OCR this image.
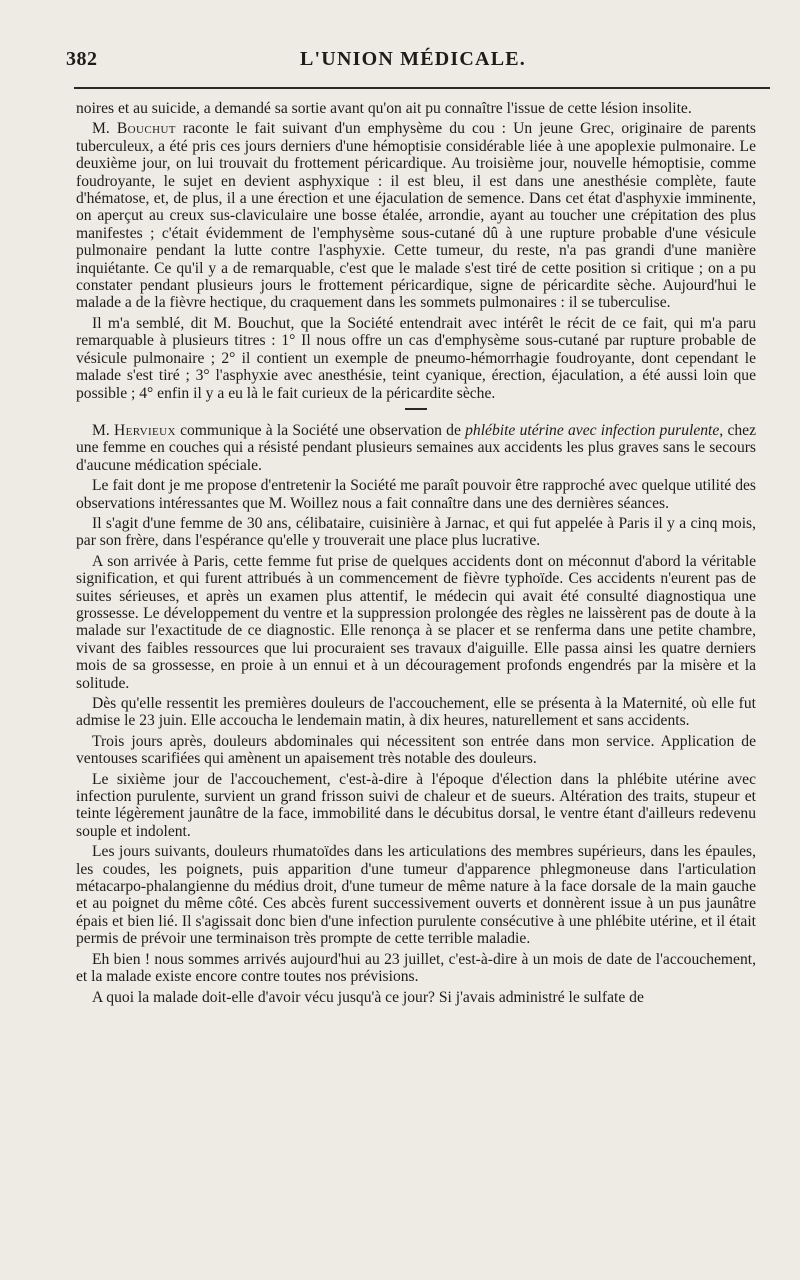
382	L'UNION MÉDICALE.

noires et au suicide, a demandé sa sortie avant qu'on ait pu connaître l'issue de cette lésion insolite.

M. Bouchut raconte le fait suivant d'un emphysème du cou : Un jeune Grec, originaire de parents tuberculeux, a été pris ces jours derniers d'une hémoptisie considérable liée à une apoplexie pulmonaire. Le deuxième jour, on lui trouvait du frottement péricardique. Au troisième jour, nouvelle hémoptisie, comme foudroyante, le sujet en devient asphyxique : il est bleu, il est dans une anesthésie complète, faute d'hématose, et, de plus, il a une érection et une éjaculation de semence. Dans cet état d'asphyxie imminente, on aperçut au creux sus-claviculaire une bosse étalée, arrondie, ayant au toucher une crépitation des plus manifestes ; c'était évidemment de l'emphysème sous-cutané dû à une rupture probable d'une vésicule pulmonaire pendant la lutte contre l'asphyxie. Cette tumeur, du reste, n'a pas grandi d'une manière inquiétante. Ce qu'il y a de remarquable, c'est que le malade s'est tiré de cette position si critique ; on a pu constater pendant plusieurs jours le frottement péricardique, signe de péricardite sèche. Aujourd'hui le malade a de la fièvre hectique, du craquement dans les sommets pulmonaires : il se tuberculise.

Il m'a semblé, dit M. Bouchut, que la Société entendrait avec intérêt le récit de ce fait, qui m'a paru remarquable à plusieurs titres : 1° Il nous offre un cas d'emphysème sous-cutané par rupture probable de vésicule pulmonaire ; 2° il contient un exemple de pneumo-hémorrhagie foudroyante, dont cependant le malade s'est tiré ; 3° l'asphyxie avec anesthésie, teint cyanique, érection, éjaculation, a été aussi loin que possible ; 4° enfin il y a eu là le fait curieux de la péricardite sèche.

M. Hervieux communique à la Société une observation de phlébite utérine avec infection purulente, chez une femme en couches qui a résisté pendant plusieurs semaines aux accidents les plus graves sans le secours d'aucune médication spéciale.

Le fait dont je me propose d'entretenir la Société me paraît pouvoir être rapproché avec quelque utilité des observations intéressantes que M. Woillez nous a fait connaître dans une des dernières séances.

Il s'agit d'une femme de 30 ans, célibataire, cuisinière à Jarnac, et qui fut appelée à Paris il y a cinq mois, par son frère, dans l'espérance qu'elle y trouverait une place plus lucrative.

A son arrivée à Paris, cette femme fut prise de quelques accidents dont on méconnut d'abord la véritable signification, et qui furent attribués à un commencement de fièvre typhoïde. Ces accidents n'eurent pas de suites sérieuses, et après un examen plus attentif, le médecin qui avait été consulté diagnostiqua une grossesse. Le développement du ventre et la suppression prolongée des règles ne laissèrent pas de doute à la malade sur l'exactitude de ce diagnostic. Elle renonça à se placer et se renferma dans une petite chambre, vivant des faibles ressources que lui procuraient ses travaux d'aiguille. Elle passa ainsi les quatre derniers mois de sa grossesse, en proie à un ennui et à un découragement profonds engendrés par la misère et la solitude.

Dès qu'elle ressentit les premières douleurs de l'accouchement, elle se présenta à la Maternité, où elle fut admise le 23 juin. Elle accoucha le lendemain matin, à dix heures, naturellement et sans accidents.

Trois jours après, douleurs abdominales qui nécessitent son entrée dans mon service. Application de ventouses scarifiées qui amènent un apaisement très notable des douleurs.

Le sixième jour de l'accouchement, c'est-à-dire à l'époque d'élection dans la phlébite utérine avec infection purulente, survient un grand frisson suivi de chaleur et de sueurs. Altération des traits, stupeur et teinte légèrement jaunâtre de la face, immobilité dans le décubitus dorsal, le ventre étant d'ailleurs redevenu souple et indolent.

Les jours suivants, douleurs rhumatoïdes dans les articulations des membres supérieurs, dans les épaules, les coudes, les poignets, puis apparition d'une tumeur d'apparence phlegmoneuse dans l'articulation métacarpo-phalangienne du médius droit, d'une tumeur de même nature à la face dorsale de la main gauche et au poignet du même côté. Ces abcès furent successivement ouverts et donnèrent issue à un pus jaunâtre épais et bien lié. Il s'agissait donc bien d'une infection purulente consécutive à une phlébite utérine, et il était permis de prévoir une terminaison très prompte de cette terrible maladie.

Eh bien ! nous sommes arrivés aujourd'hui au 23 juillet, c'est-à-dire à un mois de date de l'accouchement, et la malade existe encore contre toutes nos prévisions.

A quoi la malade doit-elle d'avoir vécu jusqu'à ce jour? Si j'avais administré le sulfate de
